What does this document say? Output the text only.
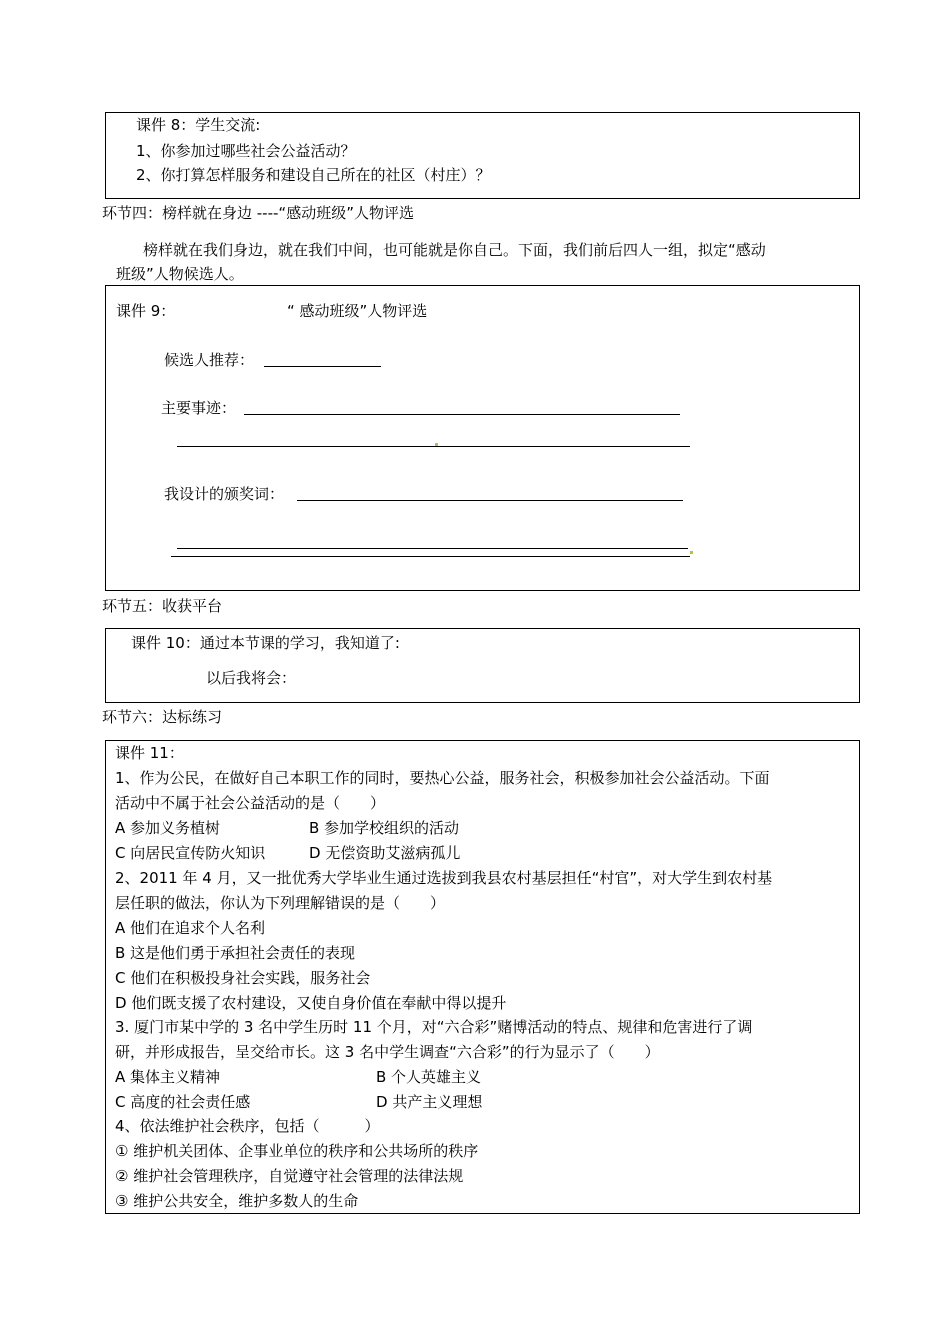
课件 8：学生交流:
1、你参加过哪些社会公益活动？
2、你打算怎样服务和建设自己所在的社区（村庄）？
环节四：榜样就在身边 ----“感动班级”人物评选
榜样就在我们身边，就在我们中间，也可能就是你自己。下面，我们前后四人一组，拟定“感动
班级”人物候选人。
课件 9：	“ 感动班级”人物评选
候选人推荐：
主要事迹：
我设计的颁奖词：
环节五：收获平台
课件 10：通过本节课的学习，我知道了:
以后我将会：
环节六：达标练习
课件 11：
1、作为公民，在做好自己本职工作的同时，要热心公益，服务社会，积极参加社会公益活动。下面
活动中不属于社会公益活动的是（　　）
A 参加义务植树	B 参加学校组织的活动
C 向居民宣传防火知识	D 无偿资助艾滋病孤儿
2、2011 年 4 月，又一批优秀大学毕业生通过选拔到我县农村基层担任“村官”，对大学生到农村基
层任职的做法，你认为下列理解错误的是（　　）
A 他们在追求个人名利
B 这是他们勇于承担社会责任的表现
C 他们在积极投身社会实践，服务社会
D 他们既支援了农村建设，又使自身价值在奉献中得以提升
3. 厦门市某中学的 3 名中学生历时 11 个月，对“六合彩”赌博活动的特点、规律和危害进行了调
研，并形成报告，呈交给市长。这 3 名中学生调查“六合彩”的行为显示了（　　）
A 集体主义精神	B 个人英雄主义
C 高度的社会责任感	D 共产主义理想
4、依法维护社会秩序，包括（　　　）
① 维护机关团体、企事业单位的秩序和公共场所的秩序
② 维护社会管理秩序，自觉遵守社会管理的法律法规
③ 维护公共安全，维护多数人的生命
